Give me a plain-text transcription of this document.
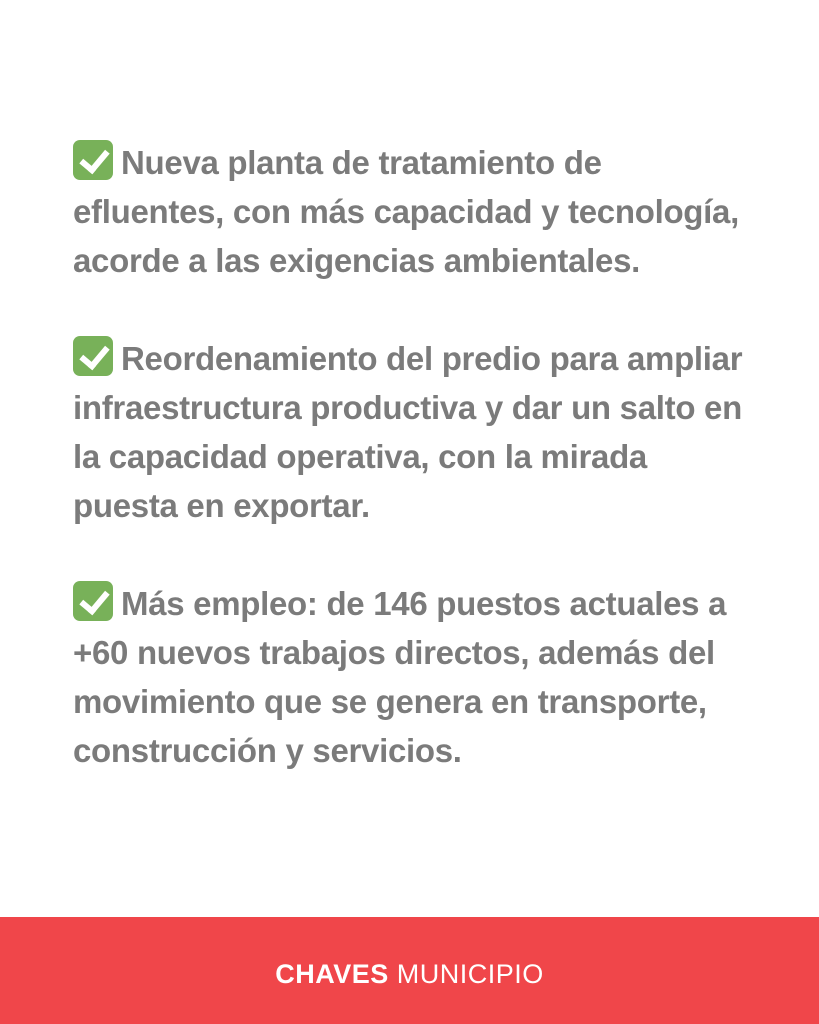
Nueva planta de tratamiento de efluentes, con más capacidad y tecnología, acorde a las exigencias ambientales.
Reordenamiento del predio para ampliar infraestructura productiva y dar un salto en la capacidad operativa, con la mirada puesta en exportar.
Más empleo: de 146 puestos actuales a +60 nuevos trabajos directos, además del movimiento que se genera en transporte, construcción y servicios.
CHAVES MUNICIPIO
